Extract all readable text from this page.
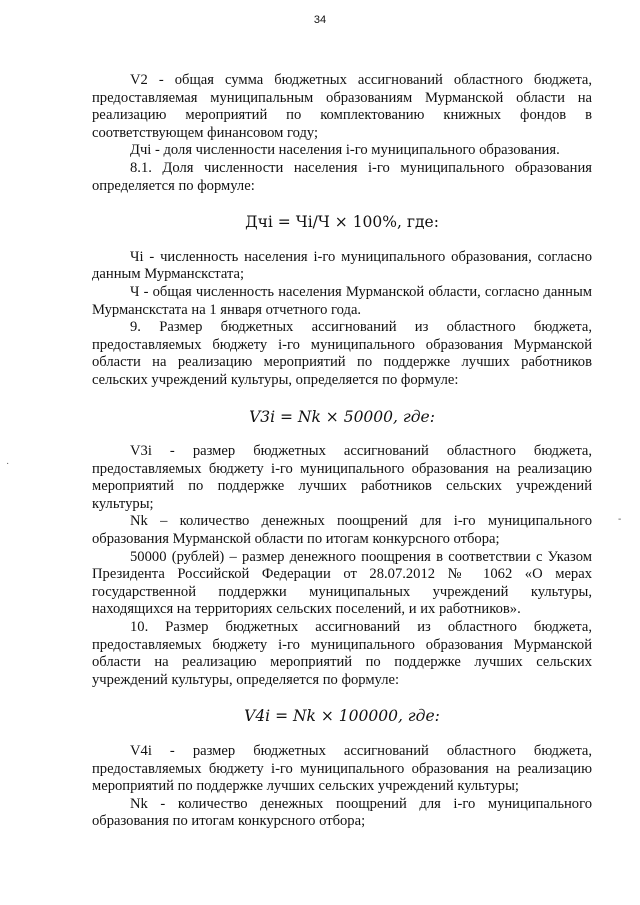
34
·
-

V2 - общая сумма бюджетных ассигнований областного бюджета, предоставляемая муниципальным образованиям Мурманской области на реализацию мероприятий по комплектованию книжных фондов в соответствующем финансовом году;

Дчi - доля численности населения i-го муниципального образования.

8.1. Доля численности населения i-го муниципального образования определяется по формуле:

Дчi = Чi/Ч × 100%, где:

Чi - численность населения i-го муниципального образования, согласно данным Мурманскстата;

Ч - общая численность населения Мурманской области, согласно данным Мурманскстата на 1 января отчетного года.

9. Размер бюджетных ассигнований из областного бюджета, предоставляемых бюджету i-го муниципального образования Мурманской области на реализацию мероприятий по поддержке лучших работников сельских учреждений культуры, определяется по формуле:

V3i = Nk × 50000, где:

V3i - размер бюджетных ассигнований областного бюджета, предоставляемых бюджету i-го муниципального образования на реализацию мероприятий по поддержке лучших работников сельских учреждений культуры;

Nk – количество денежных поощрений для i-го муниципального образования Мурманской области по итогам конкурсного отбора;

50000 (рублей) – размер денежного поощрения в соответствии с Указом Президента Российской Федерации от 28.07.2012 № 1062 «О мерах государственной поддержки муниципальных учреждений культуры, находящихся на территориях сельских поселений, и их работников».

10. Размер бюджетных ассигнований из областного бюджета, предоставляемых бюджету i-го муниципального образования Мурманской области на реализацию мероприятий по поддержке лучших сельских учреждений культуры, определяется по формуле:

V4i = Nk × 100000, где:

V4i - размер бюджетных ассигнований областного бюджета, предоставляемых бюджету i-го муниципального образования на реализацию мероприятий по поддержке лучших сельских учреждений культуры;

Nk - количество денежных поощрений для i-го муниципального образования по итогам конкурсного отбора;
